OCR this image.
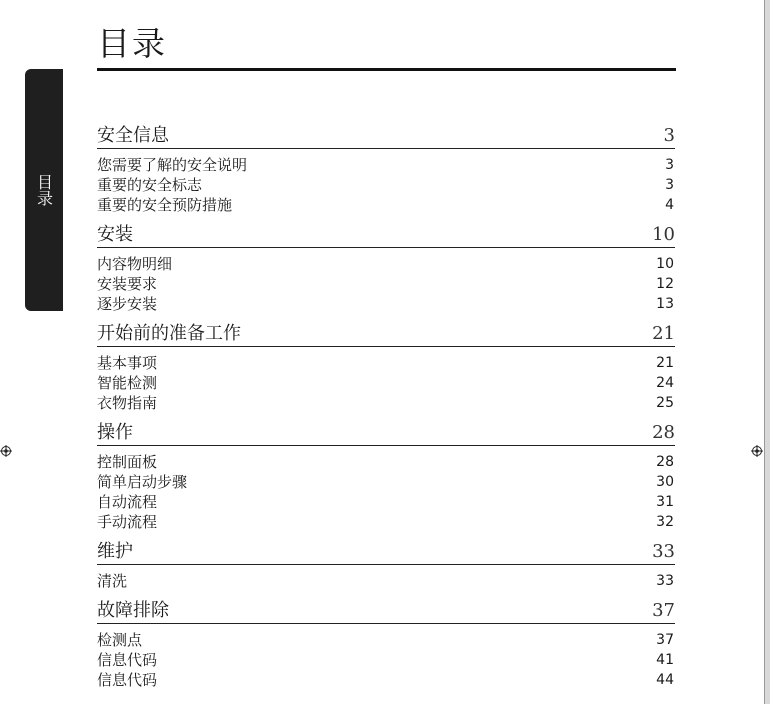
目录
目录
安全信息	3
您需要了解的安全说明	3
重要的安全标志	3
重要的安全预防措施	4
安装	10
内容物明细	10
安装要求	12
逐步安装	13
开始前的准备工作	21
基本事项	21
智能检测	24
衣物指南	25
操作	28
控制面板	28
简单启动步骤	30
自动流程	31
手动流程	32
维护	33
清洗	33
故障排除	37
检测点	37
信息代码	41
信息代码	44
